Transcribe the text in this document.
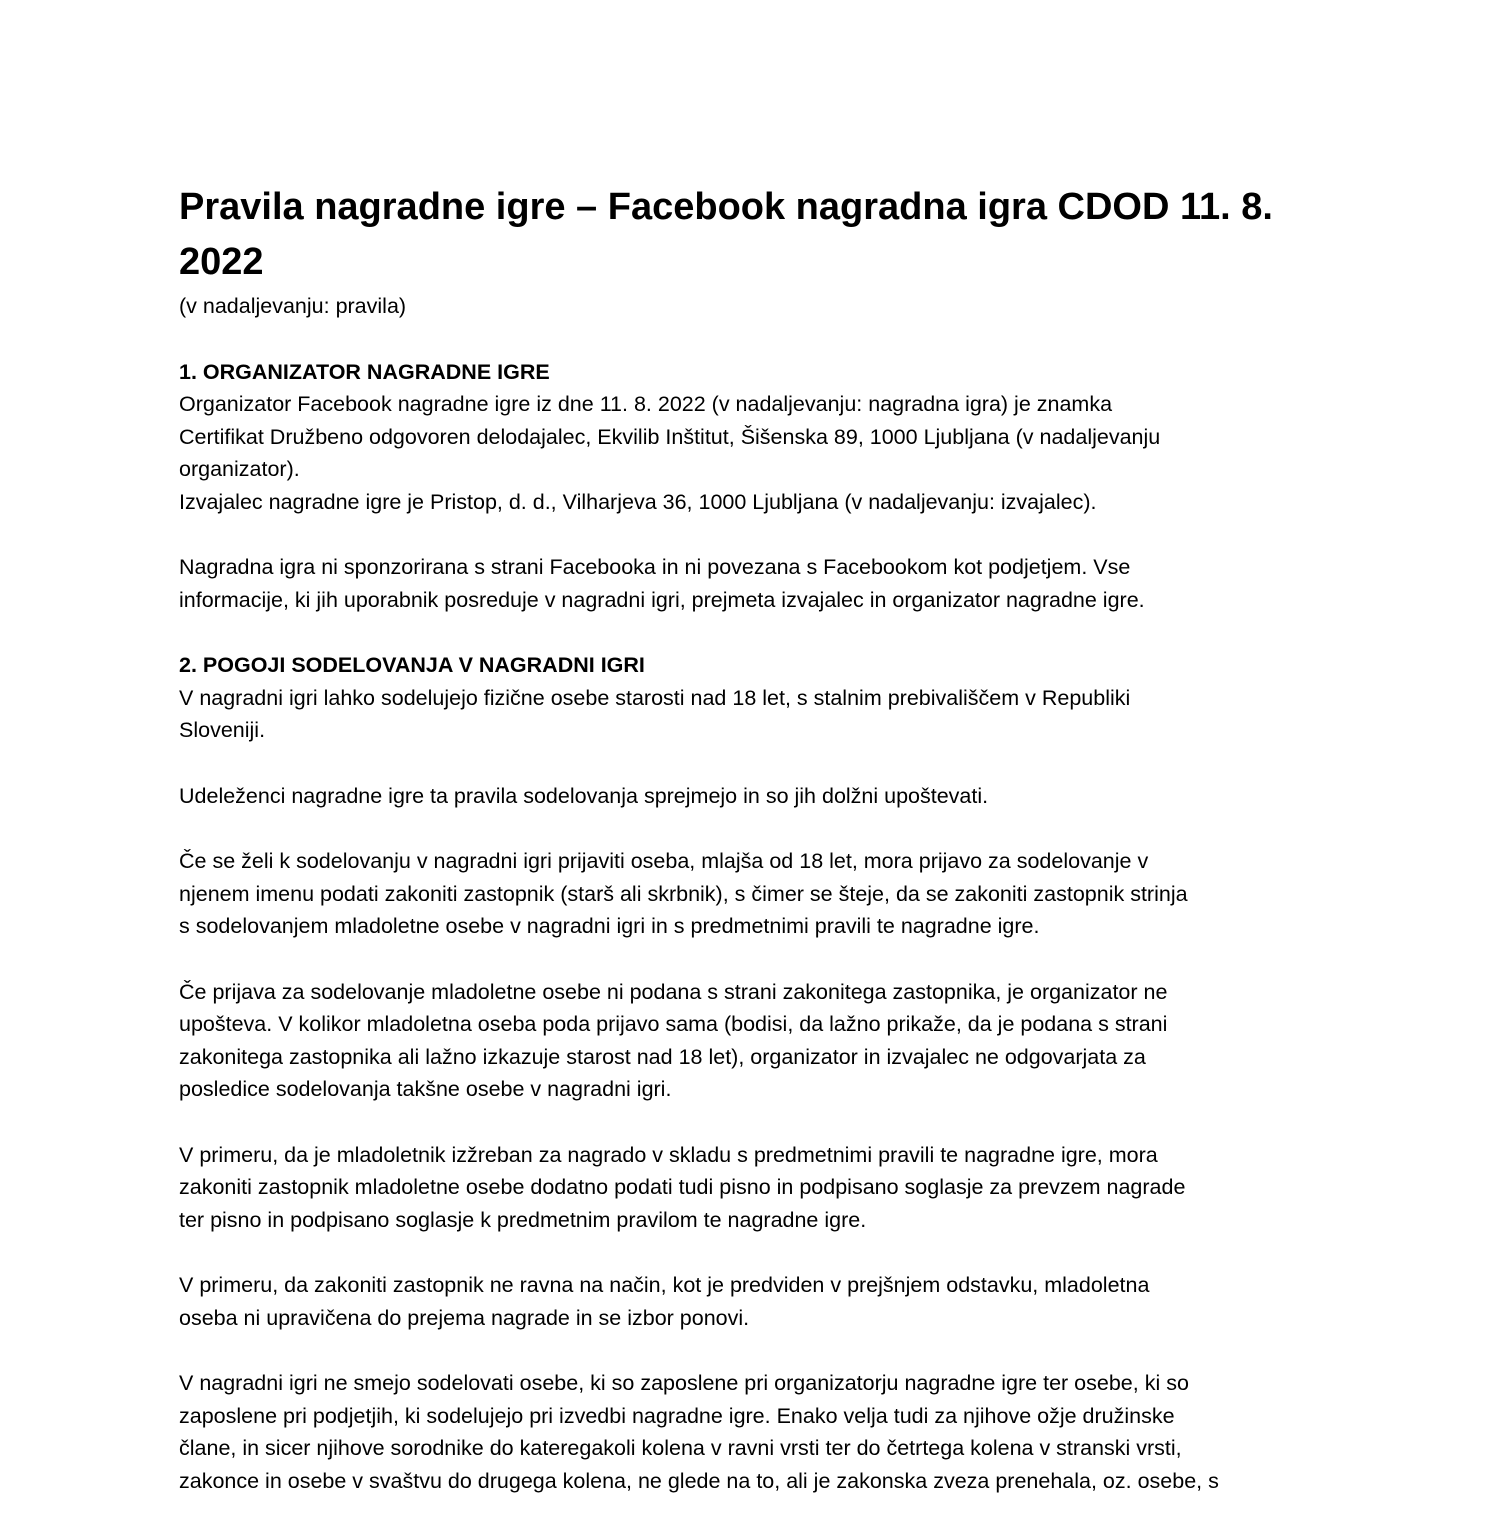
Pravila nagradne igre – Facebook nagradna igra CDOD 11. 8.
2022
(v nadaljevanju: pravila)
1. ORGANIZATOR NAGRADNE IGRE

Organizator Facebook nagradne igre iz dne 11. 8. 2022 (v nadaljevanju: nagradna igra) je znamka
Certifikat Družbeno odgovoren delodajalec, Ekvilib Inštitut, Šišenska 89, 1000 Ljubljana (v nadaljevanju
organizator).

Izvajalec nagradne igre je Pristop, d. d., Vilharjeva 36, 1000 Ljubljana (v nadaljevanju: izvajalec).

Nagradna igra ni sponzorirana s strani Facebooka in ni povezana s Facebookom kot podjetjem. Vse
informacije, ki jih uporabnik posreduje v nagradni igri, prejmeta izvajalec in organizator nagradne igre.

2. POGOJI SODELOVANJA V NAGRADNI IGRI

V nagradni igri lahko sodelujejo fizične osebe starosti nad 18 let, s stalnim prebivališčem v Republiki
Sloveniji.

Udeleženci nagradne igre ta pravila sodelovanja sprejmejo in so jih dolžni upoštevati.

Če se želi k sodelovanju v nagradni igri prijaviti oseba, mlajša od 18 let, mora prijavo za sodelovanje v
njenem imenu podati zakoniti zastopnik (starš ali skrbnik), s čimer se šteje, da se zakoniti zastopnik strinja
s sodelovanjem mladoletne osebe v nagradni igri in s predmetnimi pravili te nagradne igre.

Če prijava za sodelovanje mladoletne osebe ni podana s strani zakonitega zastopnika, je organizator ne
upošteva. V kolikor mladoletna oseba poda prijavo sama (bodisi, da lažno prikaže, da je podana s strani
zakonitega zastopnika ali lažno izkazuje starost nad 18 let), organizator in izvajalec ne odgovarjata za
posledice sodelovanja takšne osebe v nagradni igri.

V primeru, da je mladoletnik izžreban za nagrado v skladu s predmetnimi pravili te nagradne igre, mora
zakoniti zastopnik mladoletne osebe dodatno podati tudi pisno in podpisano soglasje za prevzem nagrade
ter pisno in podpisano soglasje k predmetnim pravilom te nagradne igre.

V primeru, da zakoniti zastopnik ne ravna na način, kot je predviden v prejšnjem odstavku, mladoletna
oseba ni upravičena do prejema nagrade in se izbor ponovi.

V nagradni igri ne smejo sodelovati osebe, ki so zaposlene pri organizatorju nagradne igre ter osebe, ki so
zaposlene pri podjetjih, ki sodelujejo pri izvedbi nagradne igre. Enako velja tudi za njihove ožje družinske
člane, in sicer njihove sorodnike do kateregakoli kolena v ravni vrsti ter do četrtega kolena v stranski vrsti,
zakonce in osebe v svaštvu do drugega kolena, ne glede na to, ali je zakonska zveza prenehala, oz. osebe, s
